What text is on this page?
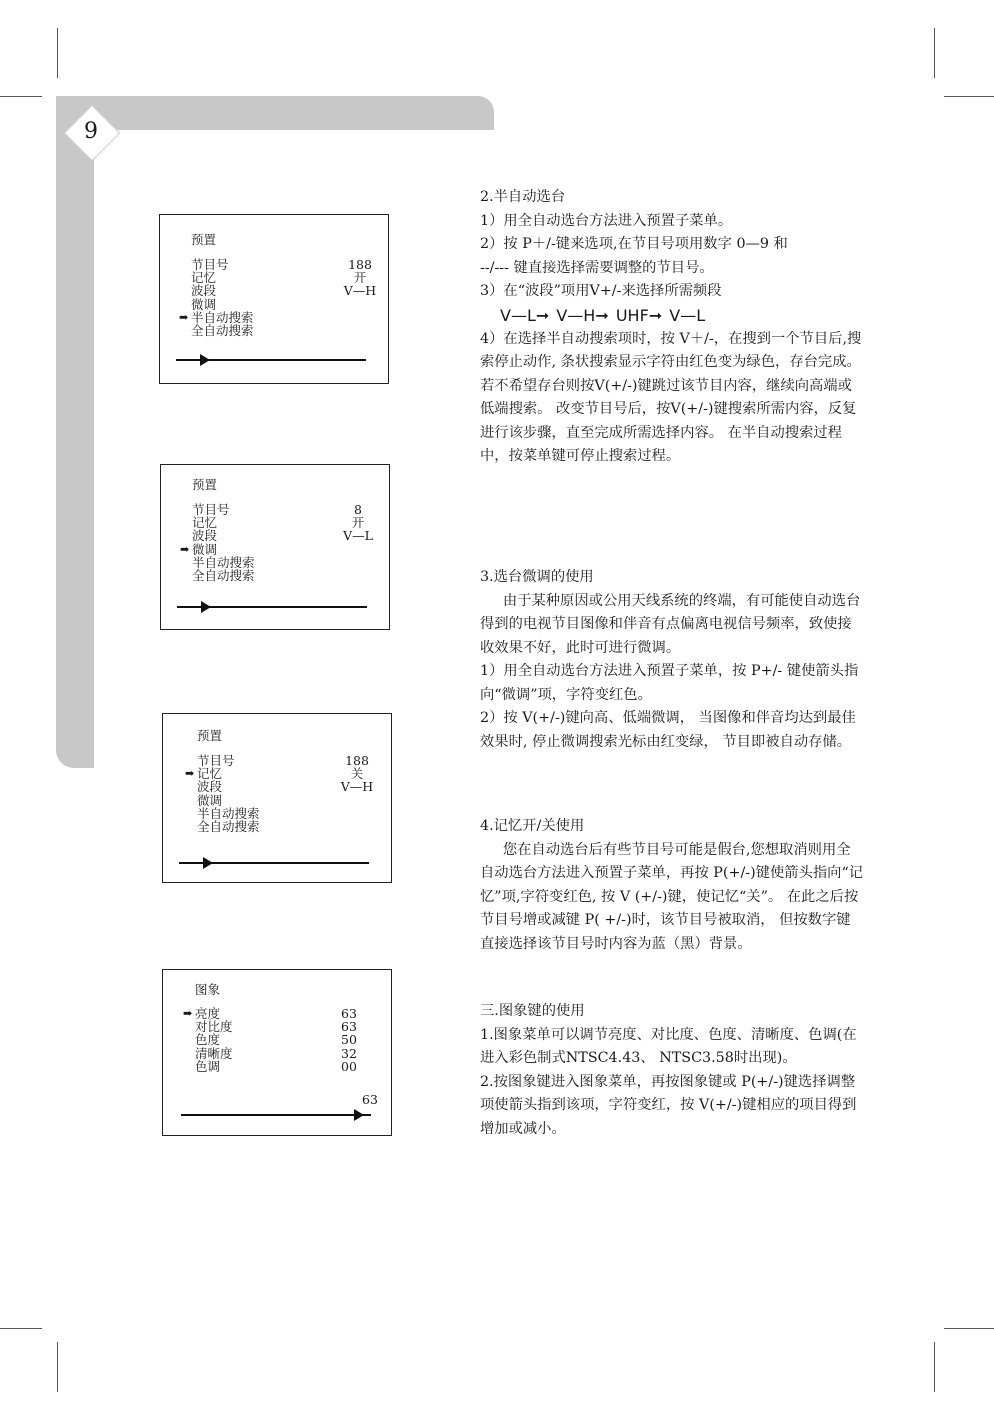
9
预置
节目号	188
记忆	开
波段	V—H
微调
➡ 半自动搜索
全自动搜索
预置
节目号	8
记忆	开
波段	V—L
➡ 微调
半自动搜索
全自动搜索
预置
节目号	188
➡ 记忆	关
波段	V—H
微调
半自动搜索
全自动搜索
图象
➡ 亮度	63
对比度	63
色度	50
清晰度	32
色调	00
63

2.半自动选台

1）用全自动选台方法进入预置子菜单。

2）按 P＋/-键来选项,在节目号项用数字 0—9 和

--/--- 键直接选择需要调整的节目号。

3）在“波段”项用V+/-来选择所需频段

V—L➞ V—H➞ UHF➞ V—L

4）在选择半自动搜索项时，按 V＋/-，在搜到一个节目后,搜索停止动作, 条状搜索显示字符由红色变为绿色，存台完成。 若不希望存台则按V(+/-)键跳过该节目内容，继续向高端或低端搜索。 改变节目号后，按V(+/-)键搜索所需内容，反复进行该步骤，直至完成所需选择内容。 在半自动搜索过程中，按菜单键可停止搜索过程。

3.选台微调的使用

由于某种原因或公用天线系统的终端，有可能使自动选台得到的电视节目图像和伴音有点偏离电视信号频率，致使接收效果不好，此时可进行微调。

1）用全自动选台方法进入预置子菜单，按 P+/- 键使箭头指向“微调”项，字符变红色。

2）按 V(+/-)键向高、低端微调， 当图像和伴音均达到最佳效果时, 停止微调搜索光标由红变绿， 节目即被自动存储。

4.记忆开/关使用

您在自动选台后有些节目号可能是假台,您想取消则用全自动选台方法进入预置子菜单，再按 P(+/-)键使箭头指向“记忆”项,字符变红色, 按 V (+/-)键，使记忆“关”。 在此之后按节目号增或减键 P( +/-)时，该节目号被取消， 但按数字键直接选择该节目号时内容为蓝（黑）背景。

三.图象键的使用

1.图象菜单可以调节亮度、对比度、色度、清晰度、色调(在进入彩色制式NTSC4.43、 NTSC3.58时出现)。

2.按图象键进入图象菜单，再按图象键或 P(+/-)键选择调整项使箭头指到该项，字符变红，按 V(+/-)键相应的项目得到增加或减小。
